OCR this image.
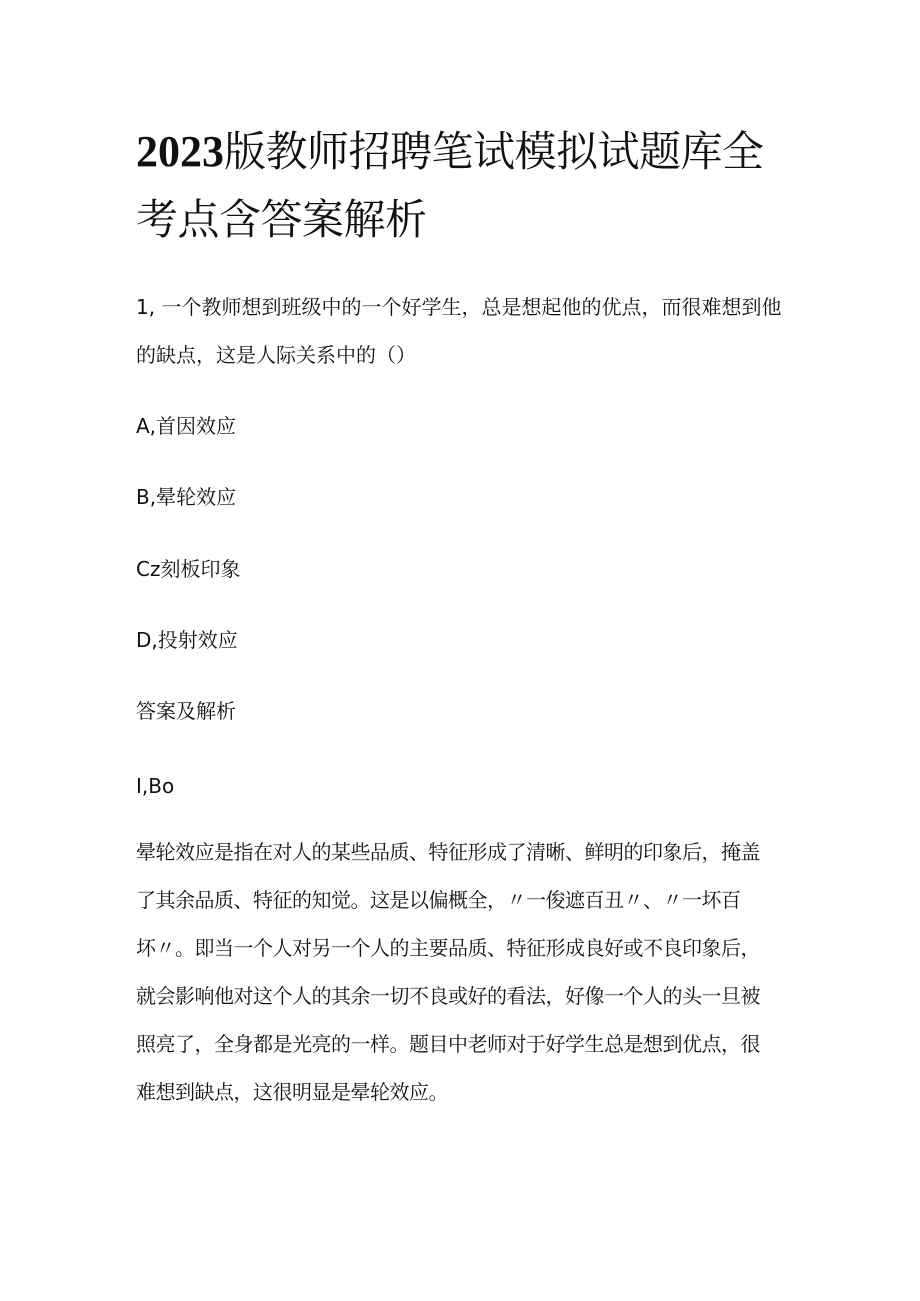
2023版教师招聘笔试模拟试题库全
考点含答案解析

1, 一个教师想到班级中的一个好学生，总是想起他的优点，而很难想到他
的缺点，这是人际关系中的（）

A,首因效应

B,晕轮效应

Cz刻板印象

D,投射效应

答案及解析

I,Bo

晕轮效应是指在对人的某些品质、特征形成了清晰、鲜明的印象后，掩盖
了其余品质、特征的知觉。这是以偏概全，〃一俊遮百丑〃、〃一坏百
坏〃。即当一个人对另一个人的主要品质、特征形成良好或不良印象后，
就会影响他对这个人的其余一切不良或好的看法，好像一个人的头一旦被
照亮了，全身都是光亮的一样。题目中老师对于好学生总是想到优点，很
难想到缺点，这很明显是晕轮效应。
